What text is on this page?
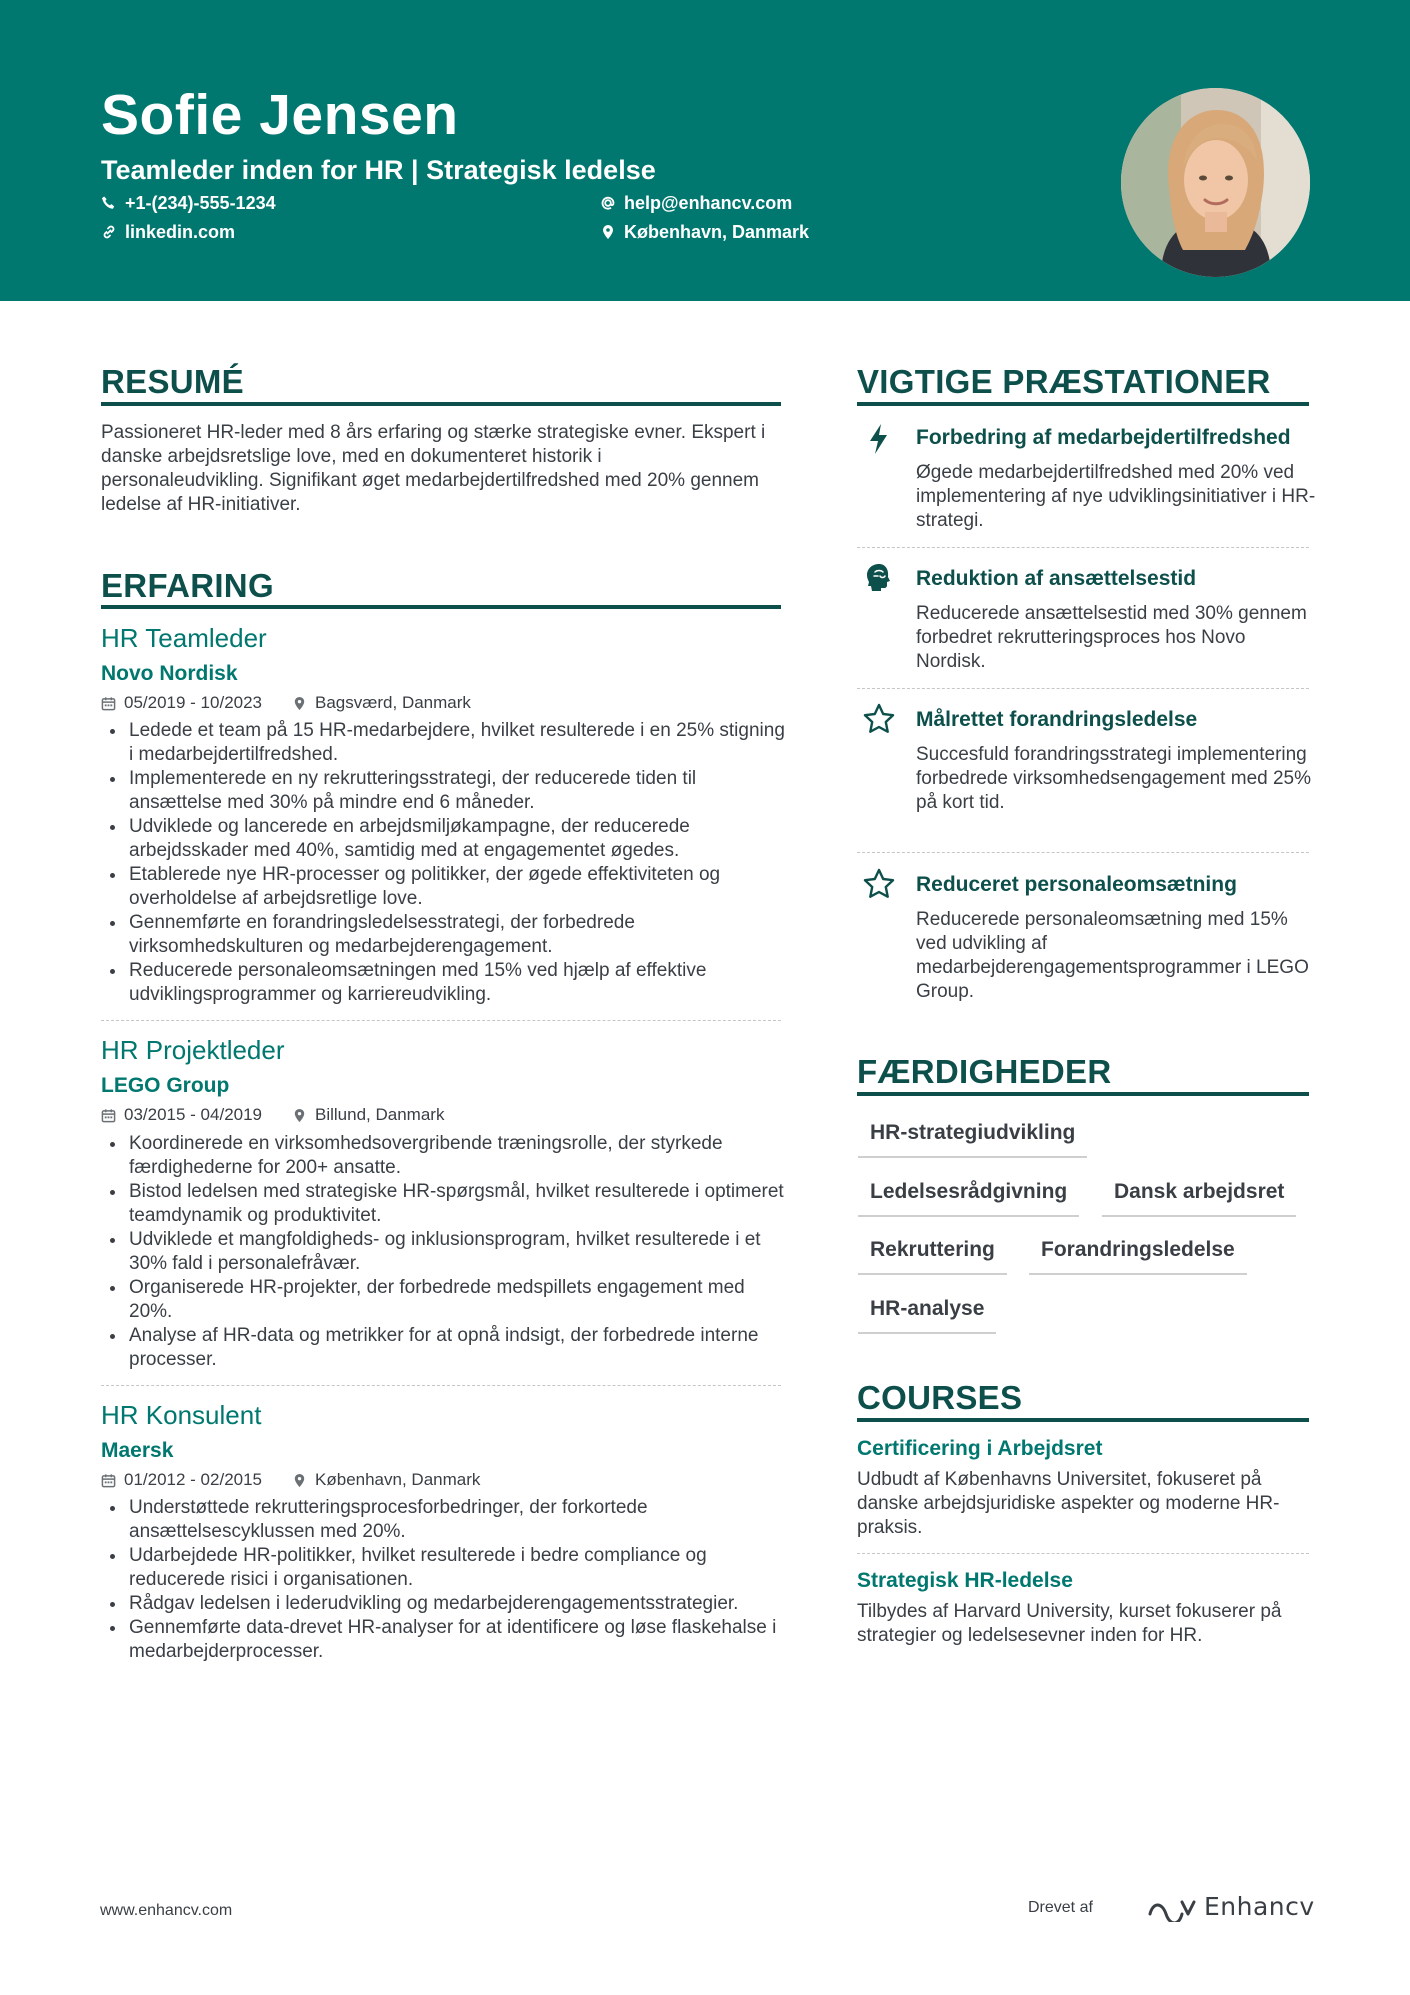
Sofie Jensen
Teamleder inden for HR | Strategisk ledelse
+1-(234)-555-1234	help@enhancv.com
linkedin.com	København, Danmark
RESUMÉ
Passioneret HR-leder med 8 års erfaring og stærke strategiske evner. Ekspert i danske arbejdsretslige love, med en dokumenteret historik i personaleudvikling. Signifikant øget medarbejdertilfredshed med 20% gennem ledelse af HR-initiativer.
ERFARING
HR Teamleder
Novo Nordisk
05/2019 - 10/2023	Bagsværd, Danmark
Ledede et team på 15 HR-medarbejdere, hvilket resulterede i en 25% stigning i medarbejdertilfredshed.
Implementerede en ny rekrutteringsstrategi, der reducerede tiden til ansættelse med 30% på mindre end 6 måneder.
Udviklede og lancerede en arbejdsmiljøkampagne, der reducerede arbejdsskader med 40%, samtidig med at engagementet øgedes.
Etablerede nye HR-processer og politikker, der øgede effektiviteten og overholdelse af arbejdsretlige love.
Gennemførte en forandringsledelsesstrategi, der forbedrede virksomhedskulturen og medarbejderengagement.
Reducerede personaleomsætningen med 15% ved hjælp af effektive udviklingsprogrammer og karriereudvikling.
HR Projektleder
LEGO Group
03/2015 - 04/2019	Billund, Danmark
Koordinerede en virksomhedsovergribende træningsrolle, der styrkede færdighederne for 200+ ansatte.
Bistod ledelsen med strategiske HR-spørgsmål, hvilket resulterede i optimeret teamdynamik og produktivitet.
Udviklede et mangfoldigheds- og inklusionsprogram, hvilket resulterede i et 30% fald i personalefråvær.
Organiserede HR-projekter, der forbedrede medspillets engagement med 20%.
Analyse af HR-data og metrikker for at opnå indsigt, der forbedrede interne processer.
HR Konsulent
Maersk
01/2012 - 02/2015	København, Danmark
Understøttede rekrutteringsprocesforbedringer, der forkortede ansættelsescyklussen med 20%.
Udarbejdede HR-politikker, hvilket resulterede i bedre compliance og reducerede risici i organisationen.
Rådgav ledelsen i lederudvikling og medarbejderengagementsstrategier.
Gennemførte data-drevet HR-analyser for at identificere og løse flaskehalse i medarbejderprocesser.
VIGTIGE PRÆSTATIONER
Forbedring af medarbejdertilfredshed
Øgede medarbejdertilfredshed med 20% ved implementering af nye udviklingsinitiativer i HR-strategi.
Reduktion af ansættelsestid
Reducerede ansættelsestid med 30% gennem forbedret rekrutteringsproces hos Novo Nordisk.
Målrettet forandringsledelse
Succesfuld forandringsstrategi implementering forbedrede virksomhedsengagement med 25% på kort tid.
Reduceret personaleomsætning
Reducerede personaleomsætning med 15% ved udvikling af medarbejderengagementsprogrammer i LEGO Group.
FÆRDIGHEDER
HR-strategiudvikling
Ledelsesrådgivning	Dansk arbejdsret
Rekruttering	Forandringsledelse
HR-analyse
COURSES
Certificering i Arbejdsret
Udbudt af Københavns Universitet, fokuseret på danske arbejdsjuridiske aspekter og moderne HR-praksis.
Strategisk HR-ledelse
Tilbydes af Harvard University, kurset fokuserer på strategier og ledelsesevner inden for HR.
www.enhancv.com	Drevet af	Enhancv
